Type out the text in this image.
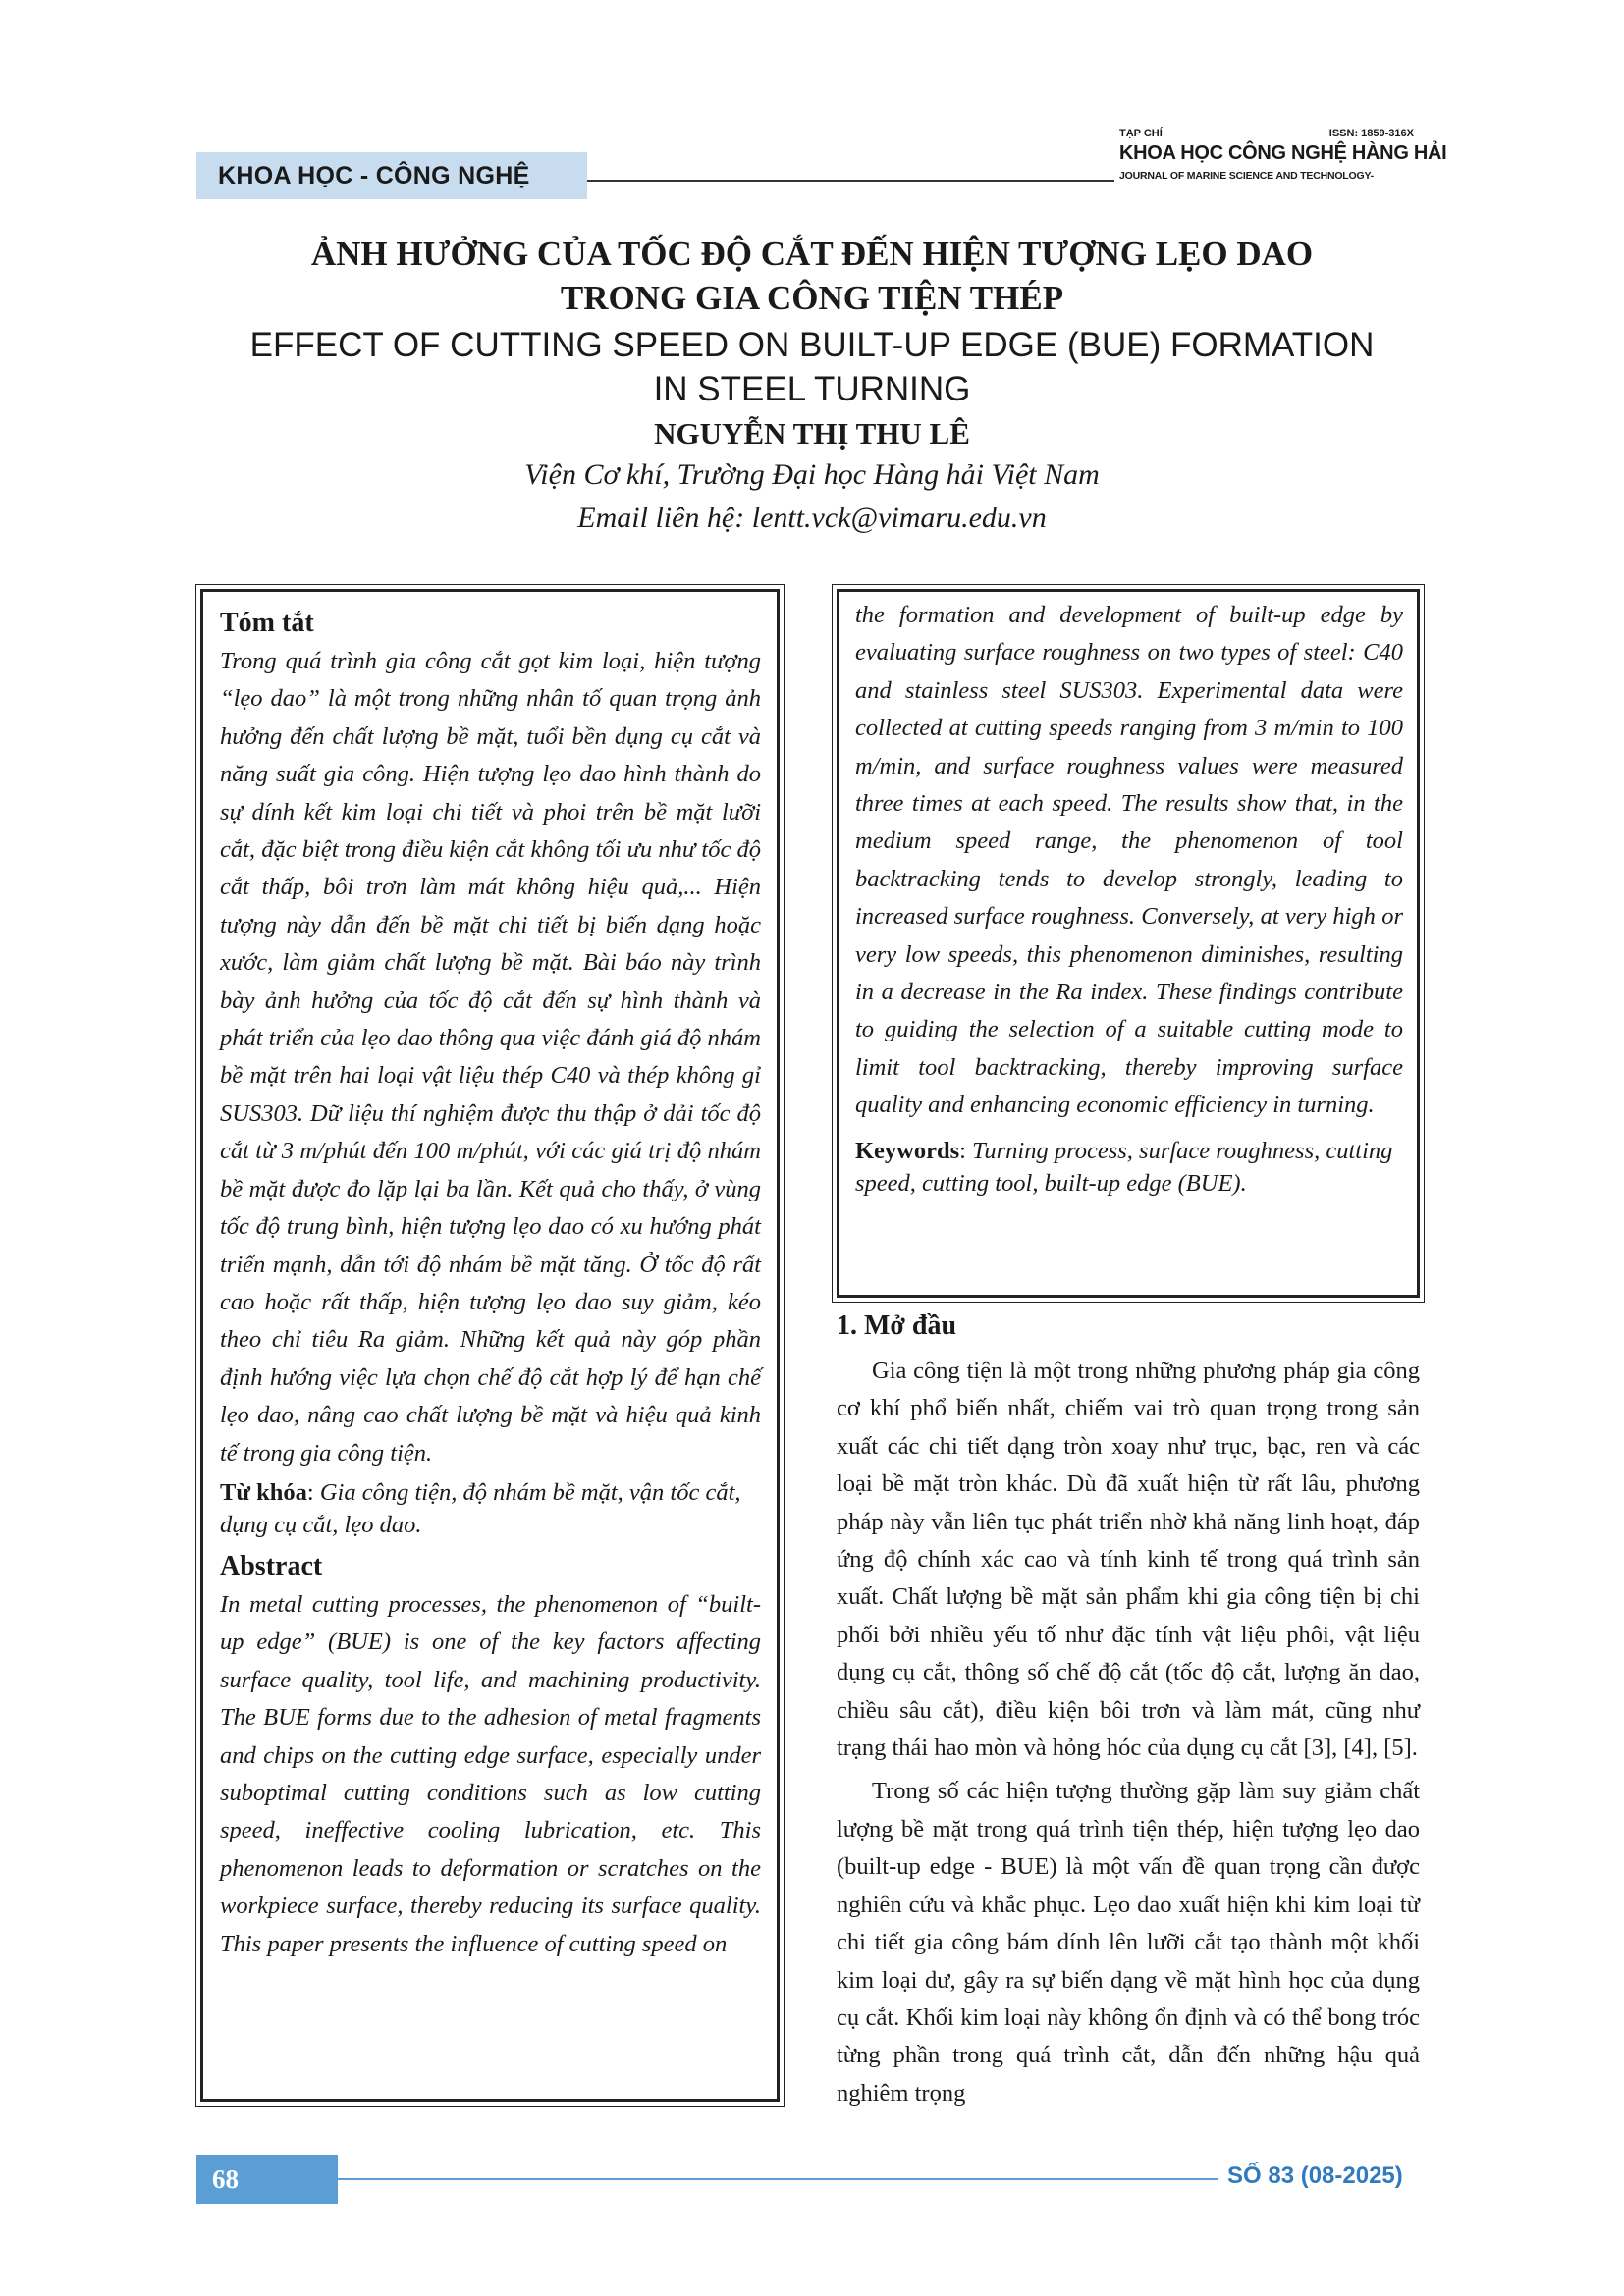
KHOA HỌC - CÔNG NGHỆ
TẠP CHÍ	ISSN: 1859-316X
KHOA HỌC CÔNG NGHỆ HÀNG HẢI
JOURNAL OF MARINE SCIENCE AND TECHNOLOGY-
ẢNH HƯỞNG CỦA TỐC ĐỘ CẮT ĐẾN HIỆN TƯỢNG LẸO DAO
TRONG GIA CÔNG TIỆN THÉP
EFFECT OF CUTTING SPEED ON BUILT-UP EDGE (BUE) FORMATION
IN STEEL TURNING
NGUYỄN THỊ THU LÊ
Viện Cơ khí, Trường Đại học Hàng hải Việt Nam
Email liên hệ: lentt.vck@vimaru.edu.vn
Tóm tắt
Trong quá trình gia công cắt gọt kim loại, hiện tượng “lẹo dao” là một trong những nhân tố quan trọng ảnh hưởng đến chất lượng bề mặt, tuổi bền dụng cụ cắt và năng suất gia công. Hiện tượng lẹo dao hình thành do sự dính kết kim loại chi tiết và phoi trên bề mặt lưỡi cắt, đặc biệt trong điều kiện cắt không tối ưu như tốc độ cắt thấp, bôi trơn làm mát không hiệu quả,... Hiện tượng này dẫn đến bề mặt chi tiết bị biến dạng hoặc xước, làm giảm chất lượng bề mặt. Bài báo này trình bày ảnh hưởng của tốc độ cắt đến sự hình thành và phát triển của lẹo dao thông qua việc đánh giá độ nhám bề mặt trên hai loại vật liệu thép C40 và thép không gỉ SUS303. Dữ liệu thí nghiệm được thu thập ở dải tốc độ cắt từ 3 m/phút đến 100 m/phút, với các giá trị độ nhám bề mặt được đo lặp lại ba lần. Kết quả cho thấy, ở vùng tốc độ trung bình, hiện tượng lẹo dao có xu hướng phát triển mạnh, dẫn tới độ nhám bề mặt tăng. Ở tốc độ rất cao hoặc rất thấp, hiện tượng lẹo dao suy giảm, kéo theo chỉ tiêu Ra giảm. Những kết quả này góp phần định hướng việc lựa chọn chế độ cắt hợp lý để hạn chế lẹo dao, nâng cao chất lượng bề mặt và hiệu quả kinh tế trong gia công tiện.
Từ khóa: Gia công tiện, độ nhám bề mặt, vận tốc cắt, dụng cụ cắt, lẹo dao.
Abstract
In metal cutting processes, the phenomenon of “built-up edge” (BUE) is one of the key factors affecting surface quality, tool life, and machining productivity. The BUE forms due to the adhesion of metal fragments and chips on the cutting edge surface, especially under suboptimal cutting conditions such as low cutting speed, ineffective cooling lubrication, etc. This phenomenon leads to deformation or scratches on the workpiece surface, thereby reducing its surface quality. This paper presents the influence of cutting speed on
the formation and development of built-up edge by evaluating surface roughness on two types of steel: C40 and stainless steel SUS303. Experimental data were collected at cutting speeds ranging from 3 m/min to 100 m/min, and surface roughness values were measured three times at each speed. The results show that, in the medium speed range, the phenomenon of tool backtracking tends to develop strongly, leading to increased surface roughness. Conversely, at very high or very low speeds, this phenomenon diminishes, resulting in a decrease in the Ra index. These findings contribute to guiding the selection of a suitable cutting mode to limit tool backtracking, thereby improving surface quality and enhancing economic efficiency in turning.
Keywords: Turning process, surface roughness, cutting speed, cutting tool, built-up edge (BUE).
1. Mở đầu

Gia công tiện là một trong những phương pháp gia công cơ khí phổ biến nhất, chiếm vai trò quan trọng trong sản xuất các chi tiết dạng tròn xoay như trục, bạc, ren và các loại bề mặt tròn khác. Dù đã xuất hiện từ rất lâu, phương pháp này vẫn liên tục phát triển nhờ khả năng linh hoạt, đáp ứng độ chính xác cao và tính kinh tế trong quá trình sản xuất. Chất lượng bề mặt sản phẩm khi gia công tiện bị chi phối bởi nhiều yếu tố như đặc tính vật liệu phôi, vật liệu dụng cụ cắt, thông số chế độ cắt (tốc độ cắt, lượng ăn dao, chiều sâu cắt), điều kiện bôi trơn và làm mát, cũng như trạng thái hao mòn và hỏng hóc của dụng cụ cắt [3], [4], [5].

Trong số các hiện tượng thường gặp làm suy giảm chất lượng bề mặt trong quá trình tiện thép, hiện tượng lẹo dao (built-up edge - BUE) là một vấn đề quan trọng cần được nghiên cứu và khắc phục. Lẹo dao xuất hiện khi kim loại từ chi tiết gia công bám dính lên lưỡi cắt tạo thành một khối kim loại dư, gây ra sự biến dạng về mặt hình học của dụng cụ cắt. Khối kim loại này không ổn định và có thể bong tróc từng phần trong quá trình cắt, dẫn đến những hậu quả nghiêm trọng

68	SỐ 83 (08-2025)
